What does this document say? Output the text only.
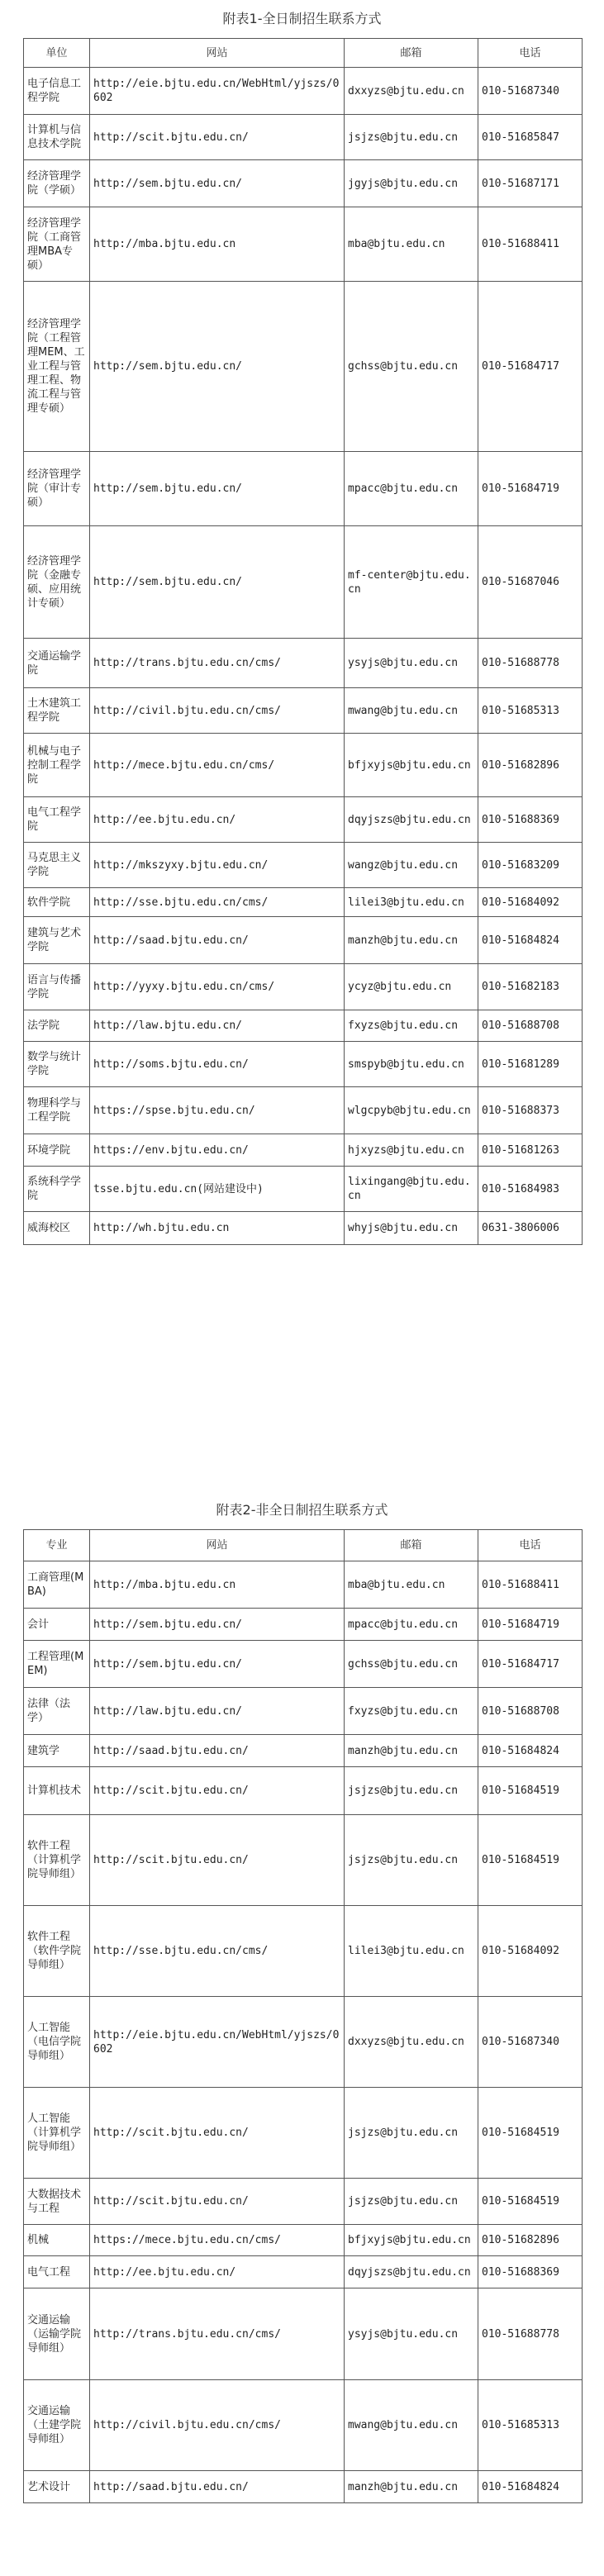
附表1-全日制招生联系方式
单位	网站	邮箱	电话
电子信息工程学院	http://eie.bjtu.edu.cn/WebHtml/yjszs/0602	dxxyzs@bjtu.edu.cn	010-51687340
计算机与信息技术学院	http://scit.bjtu.edu.cn/	jsjzs@bjtu.edu.cn	010-51685847
经济管理学院（学硕）	http://sem.bjtu.edu.cn/	jgyjs@bjtu.edu.cn	010-51687171
经济管理学院（工商管理MBA专硕）	http://mba.bjtu.edu.cn	mba@bjtu.edu.cn	010-51688411
经济管理学院（工程管理MEM、工业工程与管理工程、物流工程与管理专硕）	http://sem.bjtu.edu.cn/	gchss@bjtu.edu.cn	010-51684717
经济管理学院（审计专硕）	http://sem.bjtu.edu.cn/	mpacc@bjtu.edu.cn	010-51684719
经济管理学院（金融专硕、应用统计专硕）	http://sem.bjtu.edu.cn/	mf-center@bjtu.edu.cn	010-51687046
交通运输学院	http://trans.bjtu.edu.cn/cms/	ysyjs@bjtu.edu.cn	010-51688778
土木建筑工程学院	http://civil.bjtu.edu.cn/cms/	mwang@bjtu.edu.cn	010-51685313
机械与电子控制工程学院	http://mece.bjtu.edu.cn/cms/	bfjxyjs@bjtu.edu.cn	010-51682896
电气工程学院	http://ee.bjtu.edu.cn/	dqyjszs@bjtu.edu.cn	010-51688369
马克思主义学院	http://mkszyxy.bjtu.edu.cn/	wangz@bjtu.edu.cn	010-51683209
软件学院	http://sse.bjtu.edu.cn/cms/	lilei3@bjtu.edu.cn	010-51684092
建筑与艺术学院	http://saad.bjtu.edu.cn/	manzh@bjtu.edu.cn	010-51684824
语言与传播学院	http://yyxy.bjtu.edu.cn/cms/	ycyz@bjtu.edu.cn	010-51682183
法学院	http://law.bjtu.edu.cn/	fxyzs@bjtu.edu.cn	010-51688708
数学与统计学院	http://soms.bjtu.edu.cn/	smspyb@bjtu.edu.cn	010-51681289
物理科学与工程学院	https://spse.bjtu.edu.cn/	wlgcpyb@bjtu.edu.cn	010-51688373
环境学院	https://env.bjtu.edu.cn/	hjxyzs@bjtu.edu.cn	010-51681263
系统科学学院	tsse.bjtu.edu.cn(网站建设中)	lixingang@bjtu.edu.cn	010-51684983
威海校区	http://wh.bjtu.edu.cn	whyjs@bjtu.edu.cn	0631-3806006
附表2-非全日制招生联系方式
专业	网站	邮箱	电话
工商管理(MBA)	http://mba.bjtu.edu.cn	mba@bjtu.edu.cn	010-51688411
会计	http://sem.bjtu.edu.cn/	mpacc@bjtu.edu.cn	010-51684719
工程管理(MEM)	http://sem.bjtu.edu.cn/	gchss@bjtu.edu.cn	010-51684717
法律（法学）	http://law.bjtu.edu.cn/	fxyzs@bjtu.edu.cn	010-51688708
建筑学	http://saad.bjtu.edu.cn/	manzh@bjtu.edu.cn	010-51684824
计算机技术	http://scit.bjtu.edu.cn/	jsjzs@bjtu.edu.cn	010-51684519
软件工程（计算机学院导师组）	http://scit.bjtu.edu.cn/	jsjzs@bjtu.edu.cn	010-51684519
软件工程（软件学院导师组）	http://sse.bjtu.edu.cn/cms/	lilei3@bjtu.edu.cn	010-51684092
人工智能（电信学院导师组）	http://eie.bjtu.edu.cn/WebHtml/yjszs/0602	dxxyzs@bjtu.edu.cn	010-51687340
人工智能（计算机学院导师组）	http://scit.bjtu.edu.cn/	jsjzs@bjtu.edu.cn	010-51684519
大数据技术与工程	http://scit.bjtu.edu.cn/	jsjzs@bjtu.edu.cn	010-51684519
机械	https://mece.bjtu.edu.cn/cms/	bfjxyjs@bjtu.edu.cn	010-51682896
电气工程	http://ee.bjtu.edu.cn/	dqyjszs@bjtu.edu.cn	010-51688369
交通运输（运输学院导师组）	http://trans.bjtu.edu.cn/cms/	ysyjs@bjtu.edu.cn	010-51688778
交通运输（土建学院导师组）	http://civil.bjtu.edu.cn/cms/	mwang@bjtu.edu.cn	010-51685313
艺术设计	http://saad.bjtu.edu.cn/	manzh@bjtu.edu.cn	010-51684824
